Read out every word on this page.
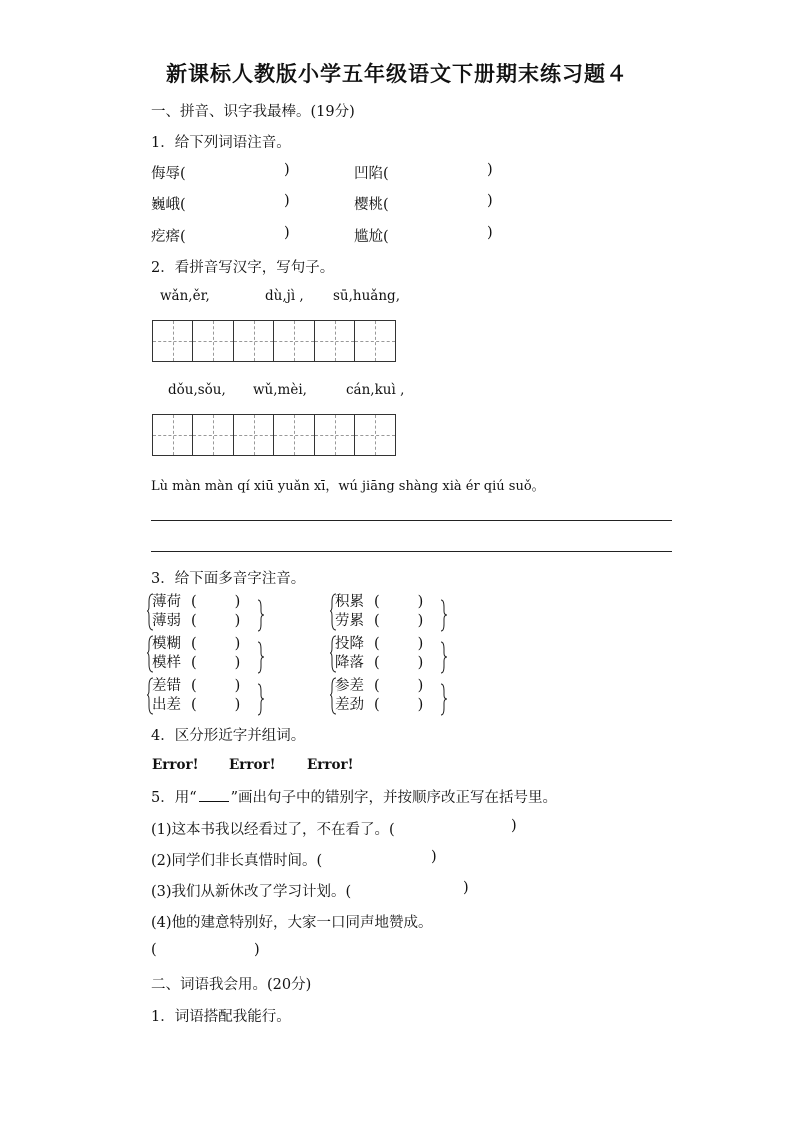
新课标人教版小学五年级语文下册期末练习题４
一、拼音、识字我最棒。(19分)
1．给下列词语注音。
侮辱(	)	凹陷(	)
巍峨(	)	樱桃(	)
疙瘩(	)	尴尬(	)
2．看拼音写汉字，写句子。
wǎn,ěr,	dù,jì , sū,huǎng,
dǒu,sǒu, wǔ,mèi,	cán,kuì ,
Lù màn màn qí xiū yuǎn xī，wú jiāng shàng xià ér qiú suǒ。
3．给下面多音字注音。
薄荷 (	)
薄弱 (	)
模糊 (	)
模样 (	)
差错 (	)
出差 (	)
积累 (	)
劳累 (	)
投降 (	)
降落 (	)
参差 (	)
差劲 (	)
4．区分形近字并组词。
Error! Error! Error!
5．用“ ”画出句子中的错别字，并按顺序改正写在括号里。
(1)这本书我以经看过了，不在看了。(	)
(2)同学们非长真惜时间。(	)
(3)我们从新休改了学习计划。(	)
(4)他的建意特别好，大家一口同声地赞成。
(	)
二、词语我会用。(20分)
1．词语搭配我能行。
